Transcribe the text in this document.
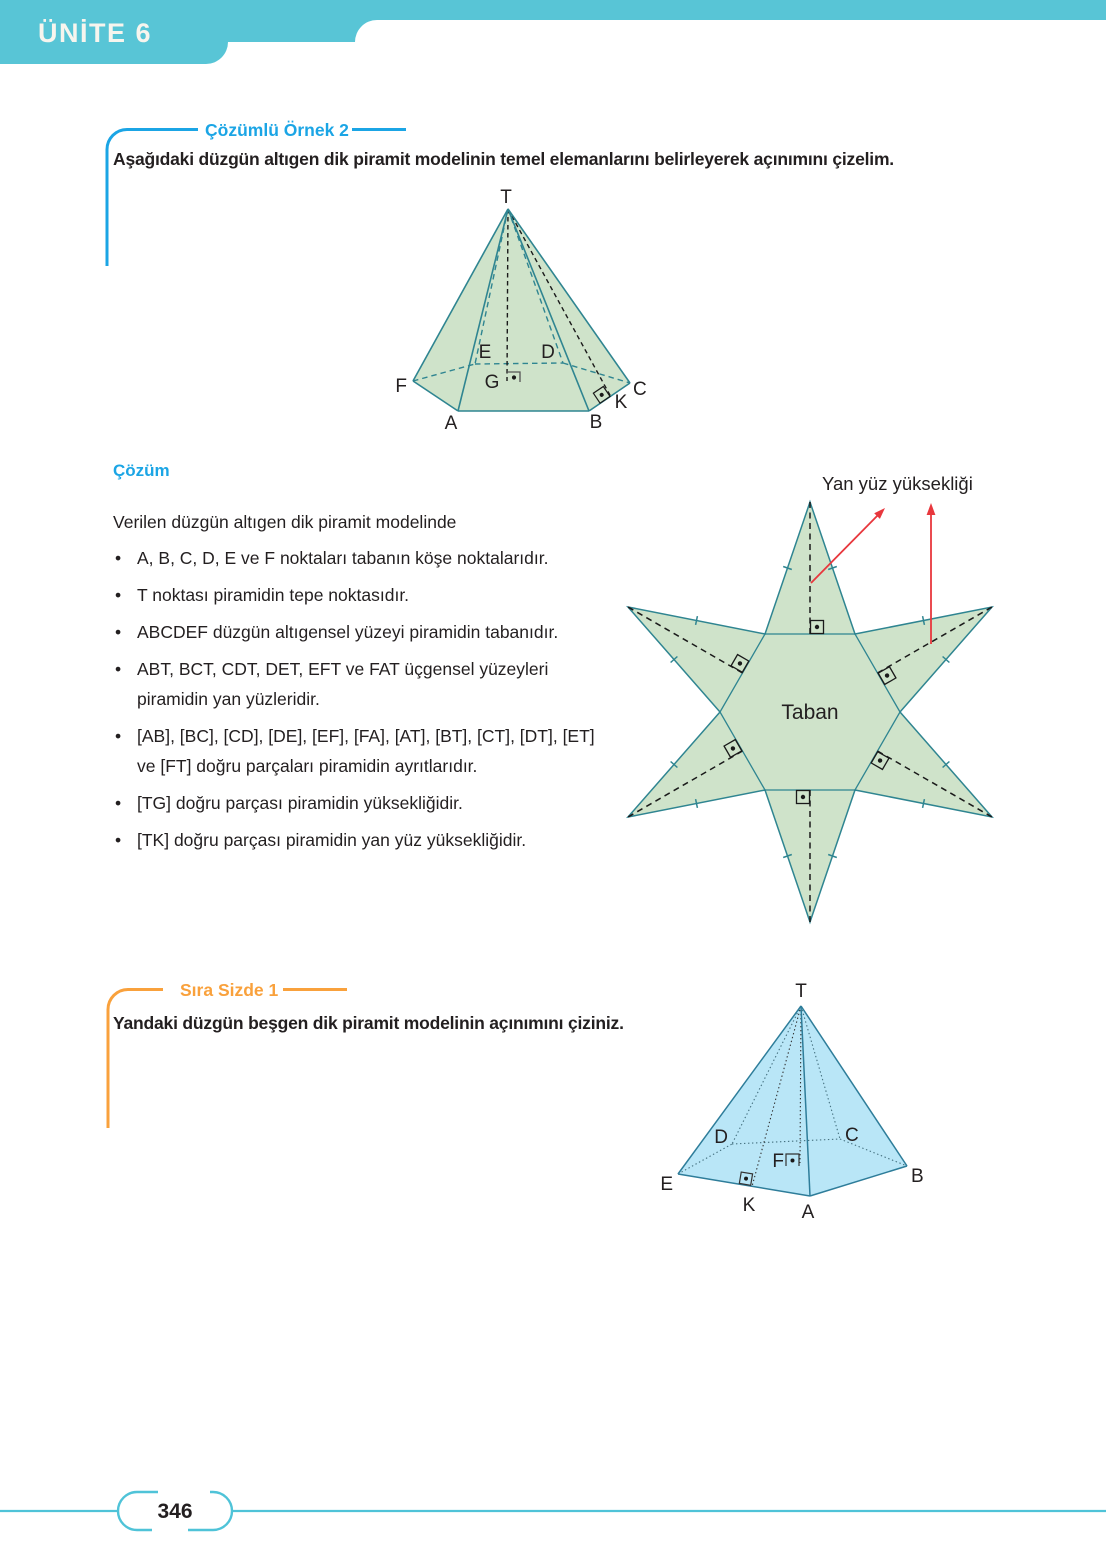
ÜNİTE 6
Çözümlü Örnek 2
Aşağıdaki düzgün altıgen dik piramit modelinin temel elemanlarını belirleyerek açınımını çizelim.
T
F	C
A	B
E	D
G
K
Çözüm
Verilen düzgün altıgen dik piramit modelinde
• A, B, C, D, E ve F noktaları tabanın köşe noktalarıdır.
• T noktası piramidin tepe noktasıdır.
• ABCDEF düzgün altıgensel yüzeyi piramidin tabanıdır.
• ABT, BCT, CDT, DET, EFT ve FAT üçgensel yüzeyleri piramidin yan yüzleridir.
• [AB], [BC], [CD], [DE], [EF], [FA], [AT], [BT], [CT], [DT], [ET] ve [FT] doğru parçaları piramidin ayrıtlarıdır.
• [TG] doğru parçası piramidin yüksekliğidir.
• [TK] doğru parçası piramidin yan yüz yüksekliğidir.
Yan yüz yüksekliği
Taban
Sıra Sizde 1
Yandaki düzgün beşgen dik piramit modelinin açınımını çiziniz.
T
D	C
E	B
A
K
F
346
